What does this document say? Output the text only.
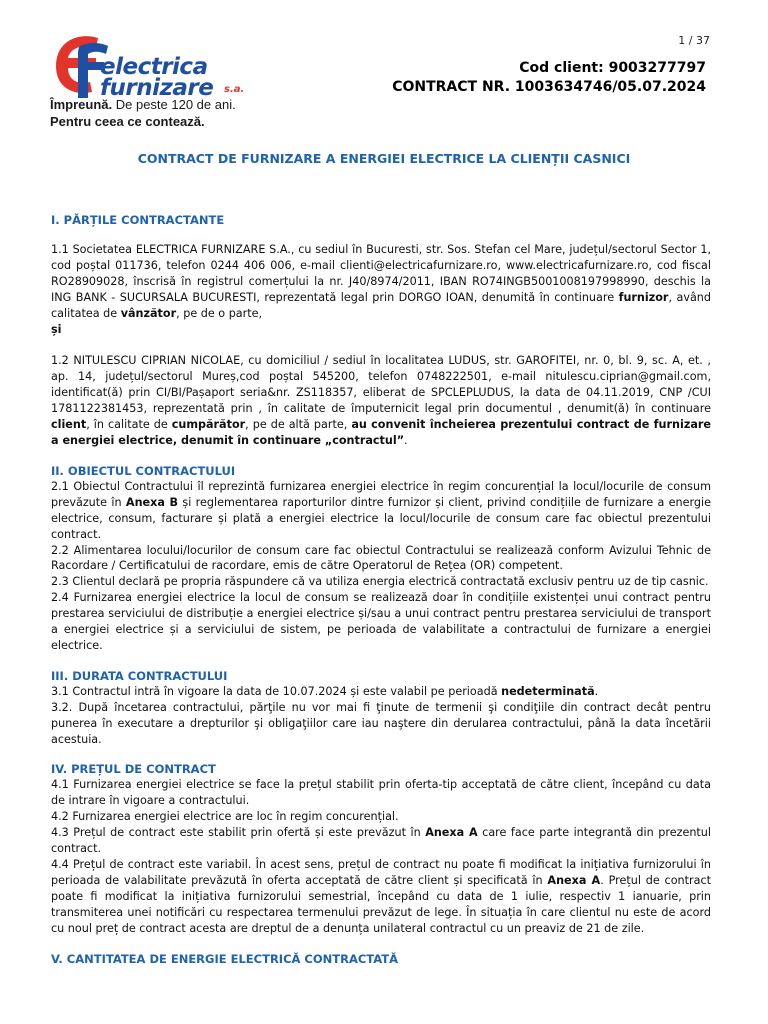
1 / 37
electrica
furnizare s.a.
Împreună. De peste 120 de ani.
Pentru ceea ce contează.
Cod client: 9003277797
CONTRACT NR. 1003634746/05.07.2024
CONTRACT DE FURNIZARE A ENERGIEI ELECTRICE LA CLIENȚII CASNICI
I. PĂRȚILE CONTRACTANTE

1.1 Societatea ELECTRICA FURNIZARE S.A., cu sediul în Bucuresti, str. Sos. Stefan cel Mare, județul/sectorul Sector 1, cod poștal 011736, telefon 0244 406 006, e-mail clienti@electricafurnizare.ro, www.electricafurnizare.ro, cod fiscal RO28909028, înscrisă în registrul comerțului la nr. J40/8974/2011, IBAN RO74INGB5001008197998990, deschis la ING BANK - SUCURSALA BUCURESTI, reprezentată legal prin DORGO IOAN, denumită în continuare furnizor, având calitatea de vânzător, pe de o parte,

și

1.2 NITULESCU CIPRIAN NICOLAE, cu domiciliul / sediul în localitatea LUDUS, str. GAROFITEI, nr. 0, bl. 9, sc. A, et. , ap. 14, județul/sectorul Mureș,cod poștal 545200, telefon 0748222501, e-mail nitulescu.ciprian@gmail.com, identificat(ă) prin CI/BI/Pașaport seria&nr. ZS118357, eliberat de SPCLEPLUDUS, la data de 04.11.2019, CNP /CUI 1781122381453, reprezentată prin , în calitate de împuternicit legal prin documentul , denumit(ă) în continuare client, în calitate de cumpărător, pe de altă parte, au convenit încheierea prezentului contract de furnizare a energiei electrice, denumit în continuare „contractul”.

II. OBIECTUL CONTRACTULUI

2.1 Obiectul Contractului îl reprezintă furnizarea energiei electrice în regim concurențial la locul/locurile de consum prevăzute în Anexa B și reglementarea raporturilor dintre furnizor și client, privind condițiile de furnizare a energie electrice, consum, facturare și plată a energiei electrice la locul/locurile de consum care fac obiectul prezentului contract.

2.2 Alimentarea locului/locurilor de consum care fac obiectul Contractului se realizează conform Avizului Tehnic de Racordare / Certificatului de racordare, emis de către Operatorul de Rețea (OR) competent.

2.3 Clientul declară pe propria răspundere că va utiliza energia electrică contractată exclusiv pentru uz de tip casnic.

2.4 Furnizarea energiei electrice la locul de consum se realizează doar în condițiile existenței unui contract pentru prestarea serviciului de distribuție a energiei electrice și/sau a unui contract pentru prestarea serviciului de transport a energiei electrice și a serviciului de sistem, pe perioada de valabilitate a contractului de furnizare a energiei electrice.

III. DURATA CONTRACTULUI

3.1 Contractul intră în vigoare la data de 10.07.2024 și este valabil pe perioadă nedeterminată.

3.2. După încetarea contractului, părţile nu vor mai fi ţinute de termenii şi condiţiile din contract decât pentru punerea în executare a drepturilor şi obligaţiilor care iau naştere din derularea contractului, până la data încetării acestuia.

IV. PREȚUL DE CONTRACT

4.1 Furnizarea energiei electrice se face la prețul stabilit prin oferta-tip acceptată de către client, începând cu data de intrare în vigoare a contractului.

4.2 Furnizarea energiei electrice are loc în regim concurențial.

4.3 Prețul de contract este stabilit prin ofertă și este prevăzut în Anexa A care face parte integrantă din prezentul contract.

4.4 Prețul de contract este variabil. În acest sens, prețul de contract nu poate fi modificat la inițiativa furnizorului în perioada de valabilitate prevăzută în oferta acceptată de către client și specificată în Anexa A. Prețul de contract poate fi modificat la inițiativa furnizorului semestrial, începând cu data de 1 iulie, respectiv 1 ianuarie, prin transmiterea unei notificări cu respectarea termenului prevăzut de lege. În situația în care clientul nu este de acord cu noul preț de contract acesta are dreptul de a denunța unilateral contractul cu un preaviz de 21 de zile.

V. CANTITATEA DE ENERGIE ELECTRICĂ CONTRACTATĂ
